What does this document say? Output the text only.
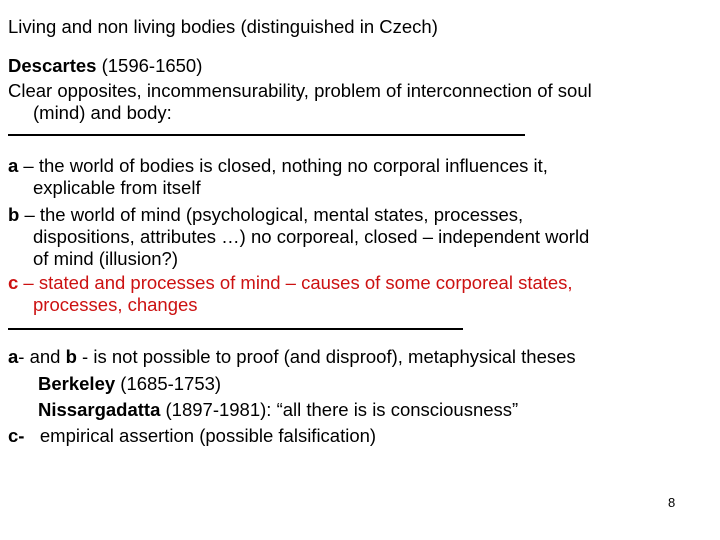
Living and non living bodies (distinguished in Czech)
Descartes (1596-1650)
Clear opposites, incommensurability, problem of interconnection of soul
(mind) and body:
a – the world of bodies is closed, nothing no corporal influences it,
explicable from itself
b – the world of mind (psychological, mental states, processes,
dispositions, attributes …) no corporeal, closed – independent world
of mind (illusion?)
c – stated and processes of mind – causes of some corporeal states,
processes, changes
a- and b - is not possible to proof (and disproof), metaphysical theses
Berkeley (1685-1753)
Nissargadatta (1897-1981): “all there is is consciousness”
c-   empirical assertion (possible falsification)
8
